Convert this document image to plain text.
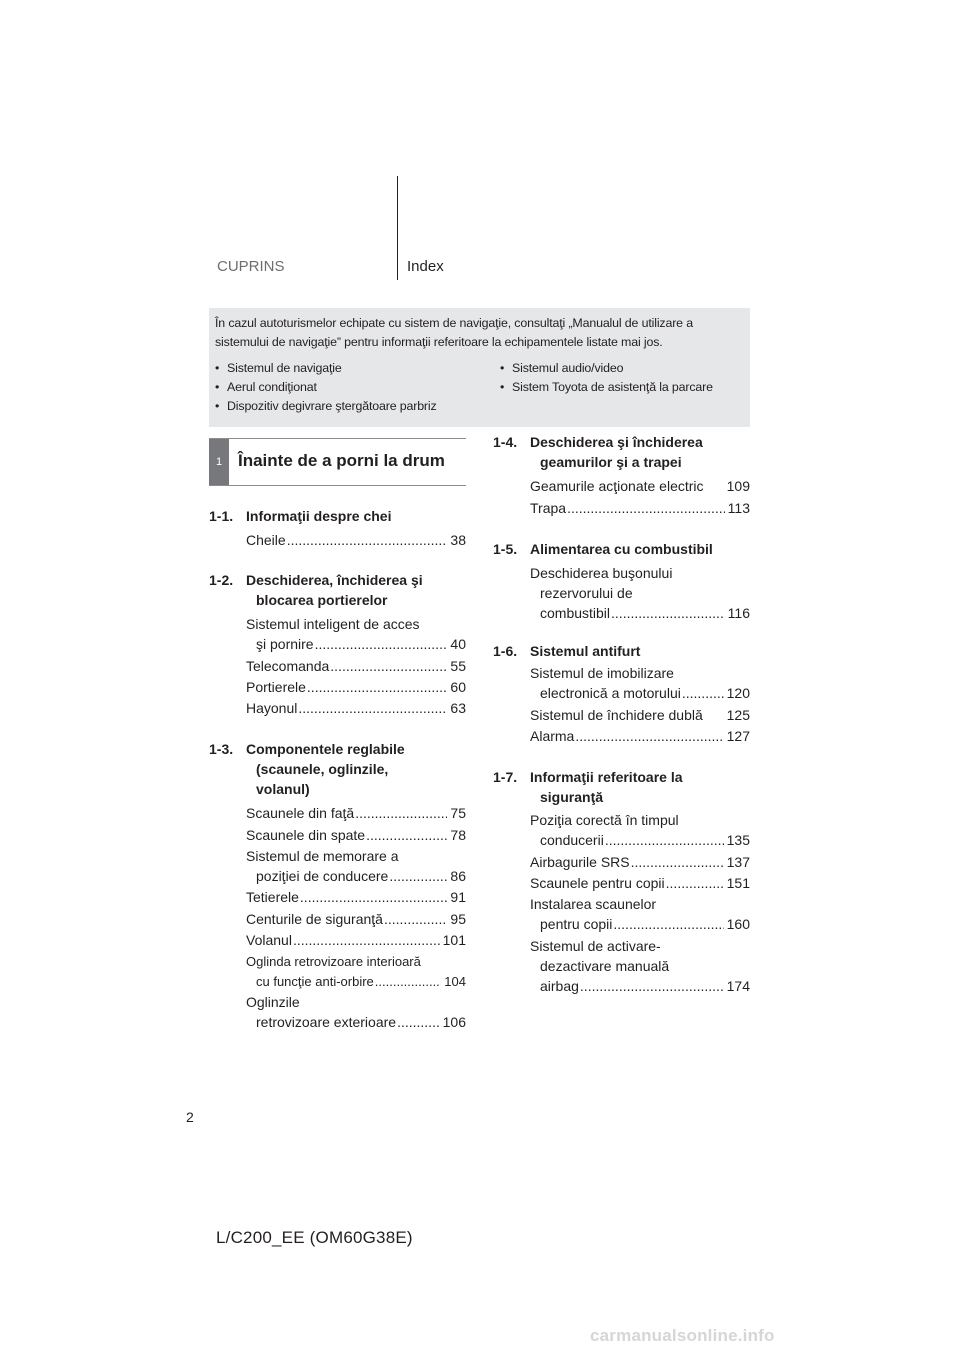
CUPRINS	Index
În cazul autoturismelor echipate cu sistem de navigaţie, consultaţi „Manualul de utilizare a sistemului de navigaţie” pentru informaţii referitoare la echipamentele listate mai jos.
• Sistemul de navigaţie
• Aerul condiţionat
• Dispozitiv degivrare ştergătoare parbriz
• Sistemul audio/video
• Sistem Toyota de asistenţă la parcare
1 Înainte de a porni la drum
1-1. Informaţii despre chei
Cheile .....	38
1-2. Deschiderea, închiderea şi
blocarea portierelor
Sistemul inteligent de acces
şi pornire .....	40
Telecomanda .....	55
Portierele .....	60
Hayonul .....	63
1-3. Componentele reglabile
(scaunele, oglinzile,
volanul)
Scaunele din faţă .....	75
Scaunele din spate .....	78
Sistemul de memorare a
poziţiei de conducere .....	86
Tetierele .....	91
Centurile de siguranţă .....	95
Volanul .....	101
Oglinda retrovizoare interioară
cu funcţie anti-orbire .....	104
Oglinzile
retrovizoare exterioare .....	106
1-4. Deschiderea şi închiderea
geamurilor şi a trapei
Geamurile acţionate electric	109
Trapa .....	113
1-5. Alimentarea cu combustibil
Deschiderea buşonului
rezervorului de
combustibil .....	116
1-6. Sistemul antifurt
Sistemul de imobilizare
electronică a motorului .....	120
Sistemul de închidere dublă	125
Alarma .....	127
1-7. Informaţii referitoare la
siguranţă
Poziţia corectă în timpul
conducerii .....	135
Airbagurile SRS .....	137
Scaunele pentru copii .....	151
Instalarea scaunelor
pentru copii .....	160
Sistemul de activare-
dezactivare manuală
airbag .....	174
2
L/C200_EE (OM60G38E)
carmanualsonline.info
